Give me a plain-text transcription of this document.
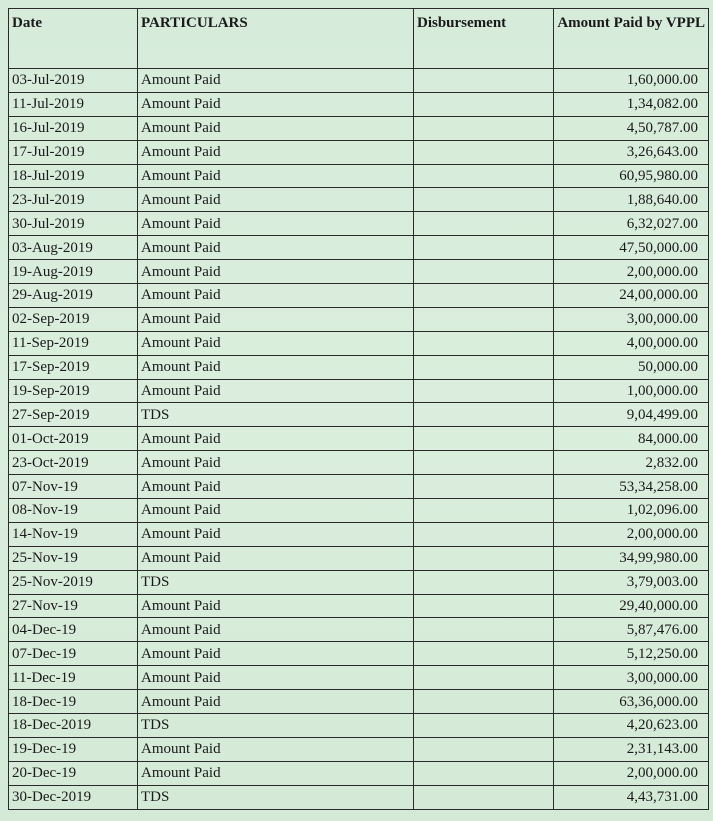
Date	PARTICULARS	Disbursement	Amount Paid by VPPL
03-Jul-2019	Amount Paid		1,60,000.00
11-Jul-2019	Amount Paid		1,34,082.00
16-Jul-2019	Amount Paid		4,50,787.00
17-Jul-2019	Amount Paid		3,26,643.00
18-Jul-2019	Amount Paid		60,95,980.00
23-Jul-2019	Amount Paid		1,88,640.00
30-Jul-2019	Amount Paid		6,32,027.00
03-Aug-2019	Amount Paid		47,50,000.00
19-Aug-2019	Amount Paid		2,00,000.00
29-Aug-2019	Amount Paid		24,00,000.00
02-Sep-2019	Amount Paid		3,00,000.00
11-Sep-2019	Amount Paid		4,00,000.00
17-Sep-2019	Amount Paid		50,000.00
19-Sep-2019	Amount Paid		1,00,000.00
27-Sep-2019	TDS		9,04,499.00
01-Oct-2019	Amount Paid		84,000.00
23-Oct-2019	Amount Paid		2,832.00
07-Nov-19	Amount Paid		53,34,258.00
08-Nov-19	Amount Paid		1,02,096.00
14-Nov-19	Amount Paid		2,00,000.00
25-Nov-19	Amount Paid		34,99,980.00
25-Nov-2019	TDS		3,79,003.00
27-Nov-19	Amount Paid		29,40,000.00
04-Dec-19	Amount Paid		5,87,476.00
07-Dec-19	Amount Paid		5,12,250.00
11-Dec-19	Amount Paid		3,00,000.00
18-Dec-19	Amount Paid		63,36,000.00
18-Dec-2019	TDS		4,20,623.00
19-Dec-19	Amount Paid		2,31,143.00
20-Dec-19	Amount Paid		2,00,000.00
30-Dec-2019	TDS		4,43,731.00
